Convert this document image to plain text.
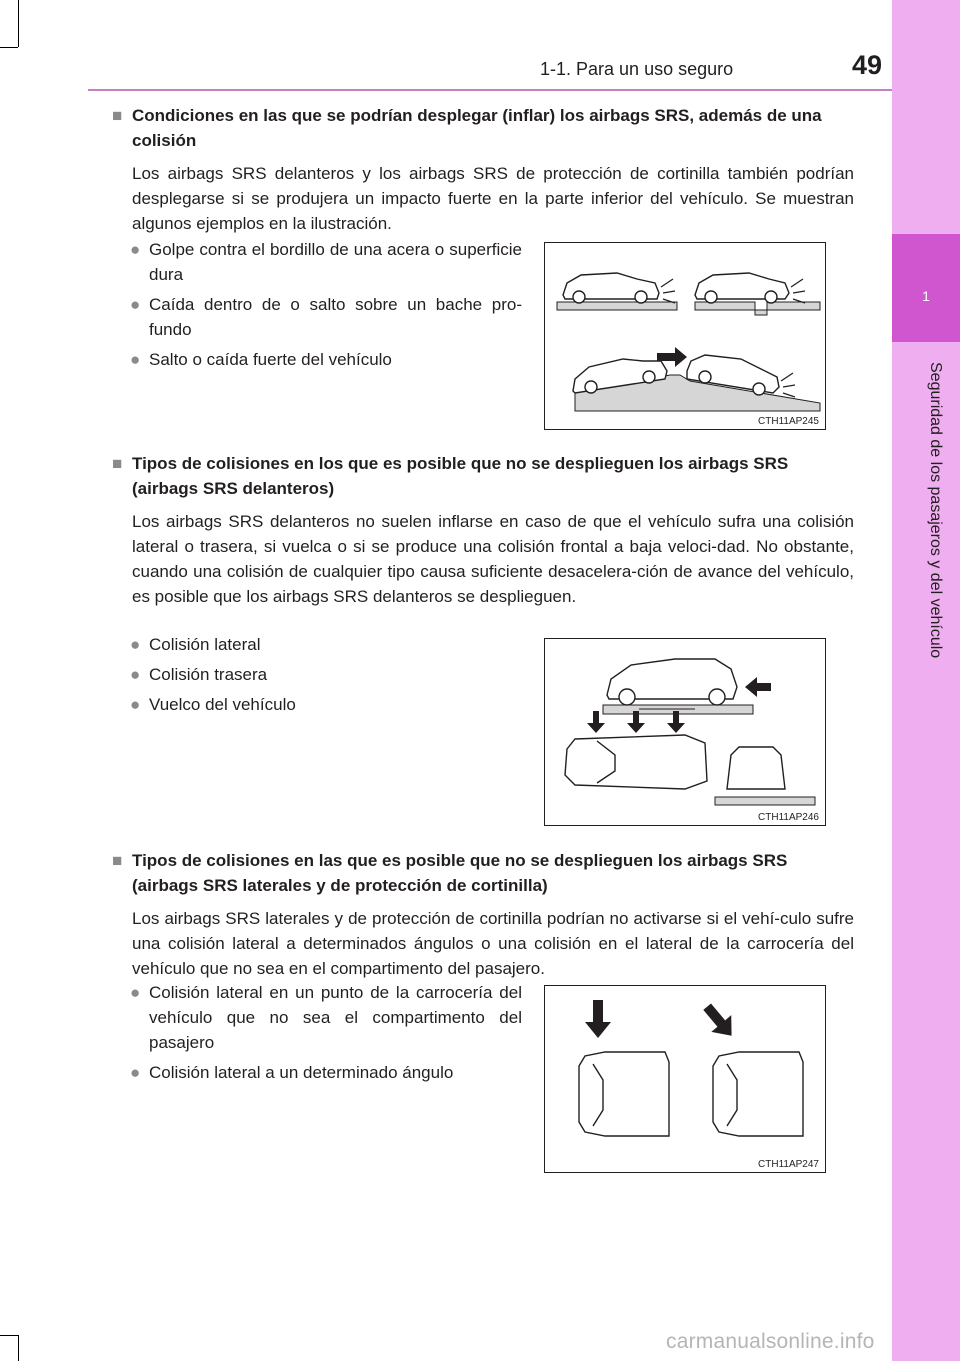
1
Seguridad de los pasajeros y del vehículo
1-1. Para un uso seguro	49
■ Condiciones en las que se podrían desplegar (inflar) los airbags SRS, además de una colisión
Los airbags SRS delanteros y los airbags SRS de protección de cortinilla también podrían desplegarse si se produjera un impacto fuerte en la parte inferior del vehículo. Se muestran algunos ejemplos en la ilustración.
● Golpe contra el bordillo de una acera o superficie dura
● Caída dentro de o salto sobre un bache pro-fundo
● Salto o caída fuerte del vehículo
CTH11AP245
■ Tipos de colisiones en los que es posible que no se desplieguen los airbags SRS (airbags SRS delanteros)
Los airbags SRS delanteros no suelen inflarse en caso de que el vehículo sufra una colisión lateral o trasera, si vuelca o si se produce una colisión frontal a baja veloci-dad. No obstante, cuando una colisión de cualquier tipo causa suficiente desacelera-ción de avance del vehículo, es posible que los airbags SRS delanteros se desplieguen.
● Colisión lateral
● Colisión trasera
● Vuelco del vehículo
CTH11AP246
■ Tipos de colisiones en las que es posible que no se desplieguen los airbags SRS (airbags SRS laterales y de protección de cortinilla)
Los airbags SRS laterales y de protección de cortinilla podrían no activarse si el vehí-culo sufre una colisión lateral a determinados ángulos o una colisión en el lateral de la carrocería del vehículo que no sea en el compartimento del pasajero.
● Colisión lateral en un punto de la carrocería del vehículo que no sea el compartimento del pasajero
● Colisión lateral a un determinado ángulo
CTH11AP247
carmanualsonline.info
